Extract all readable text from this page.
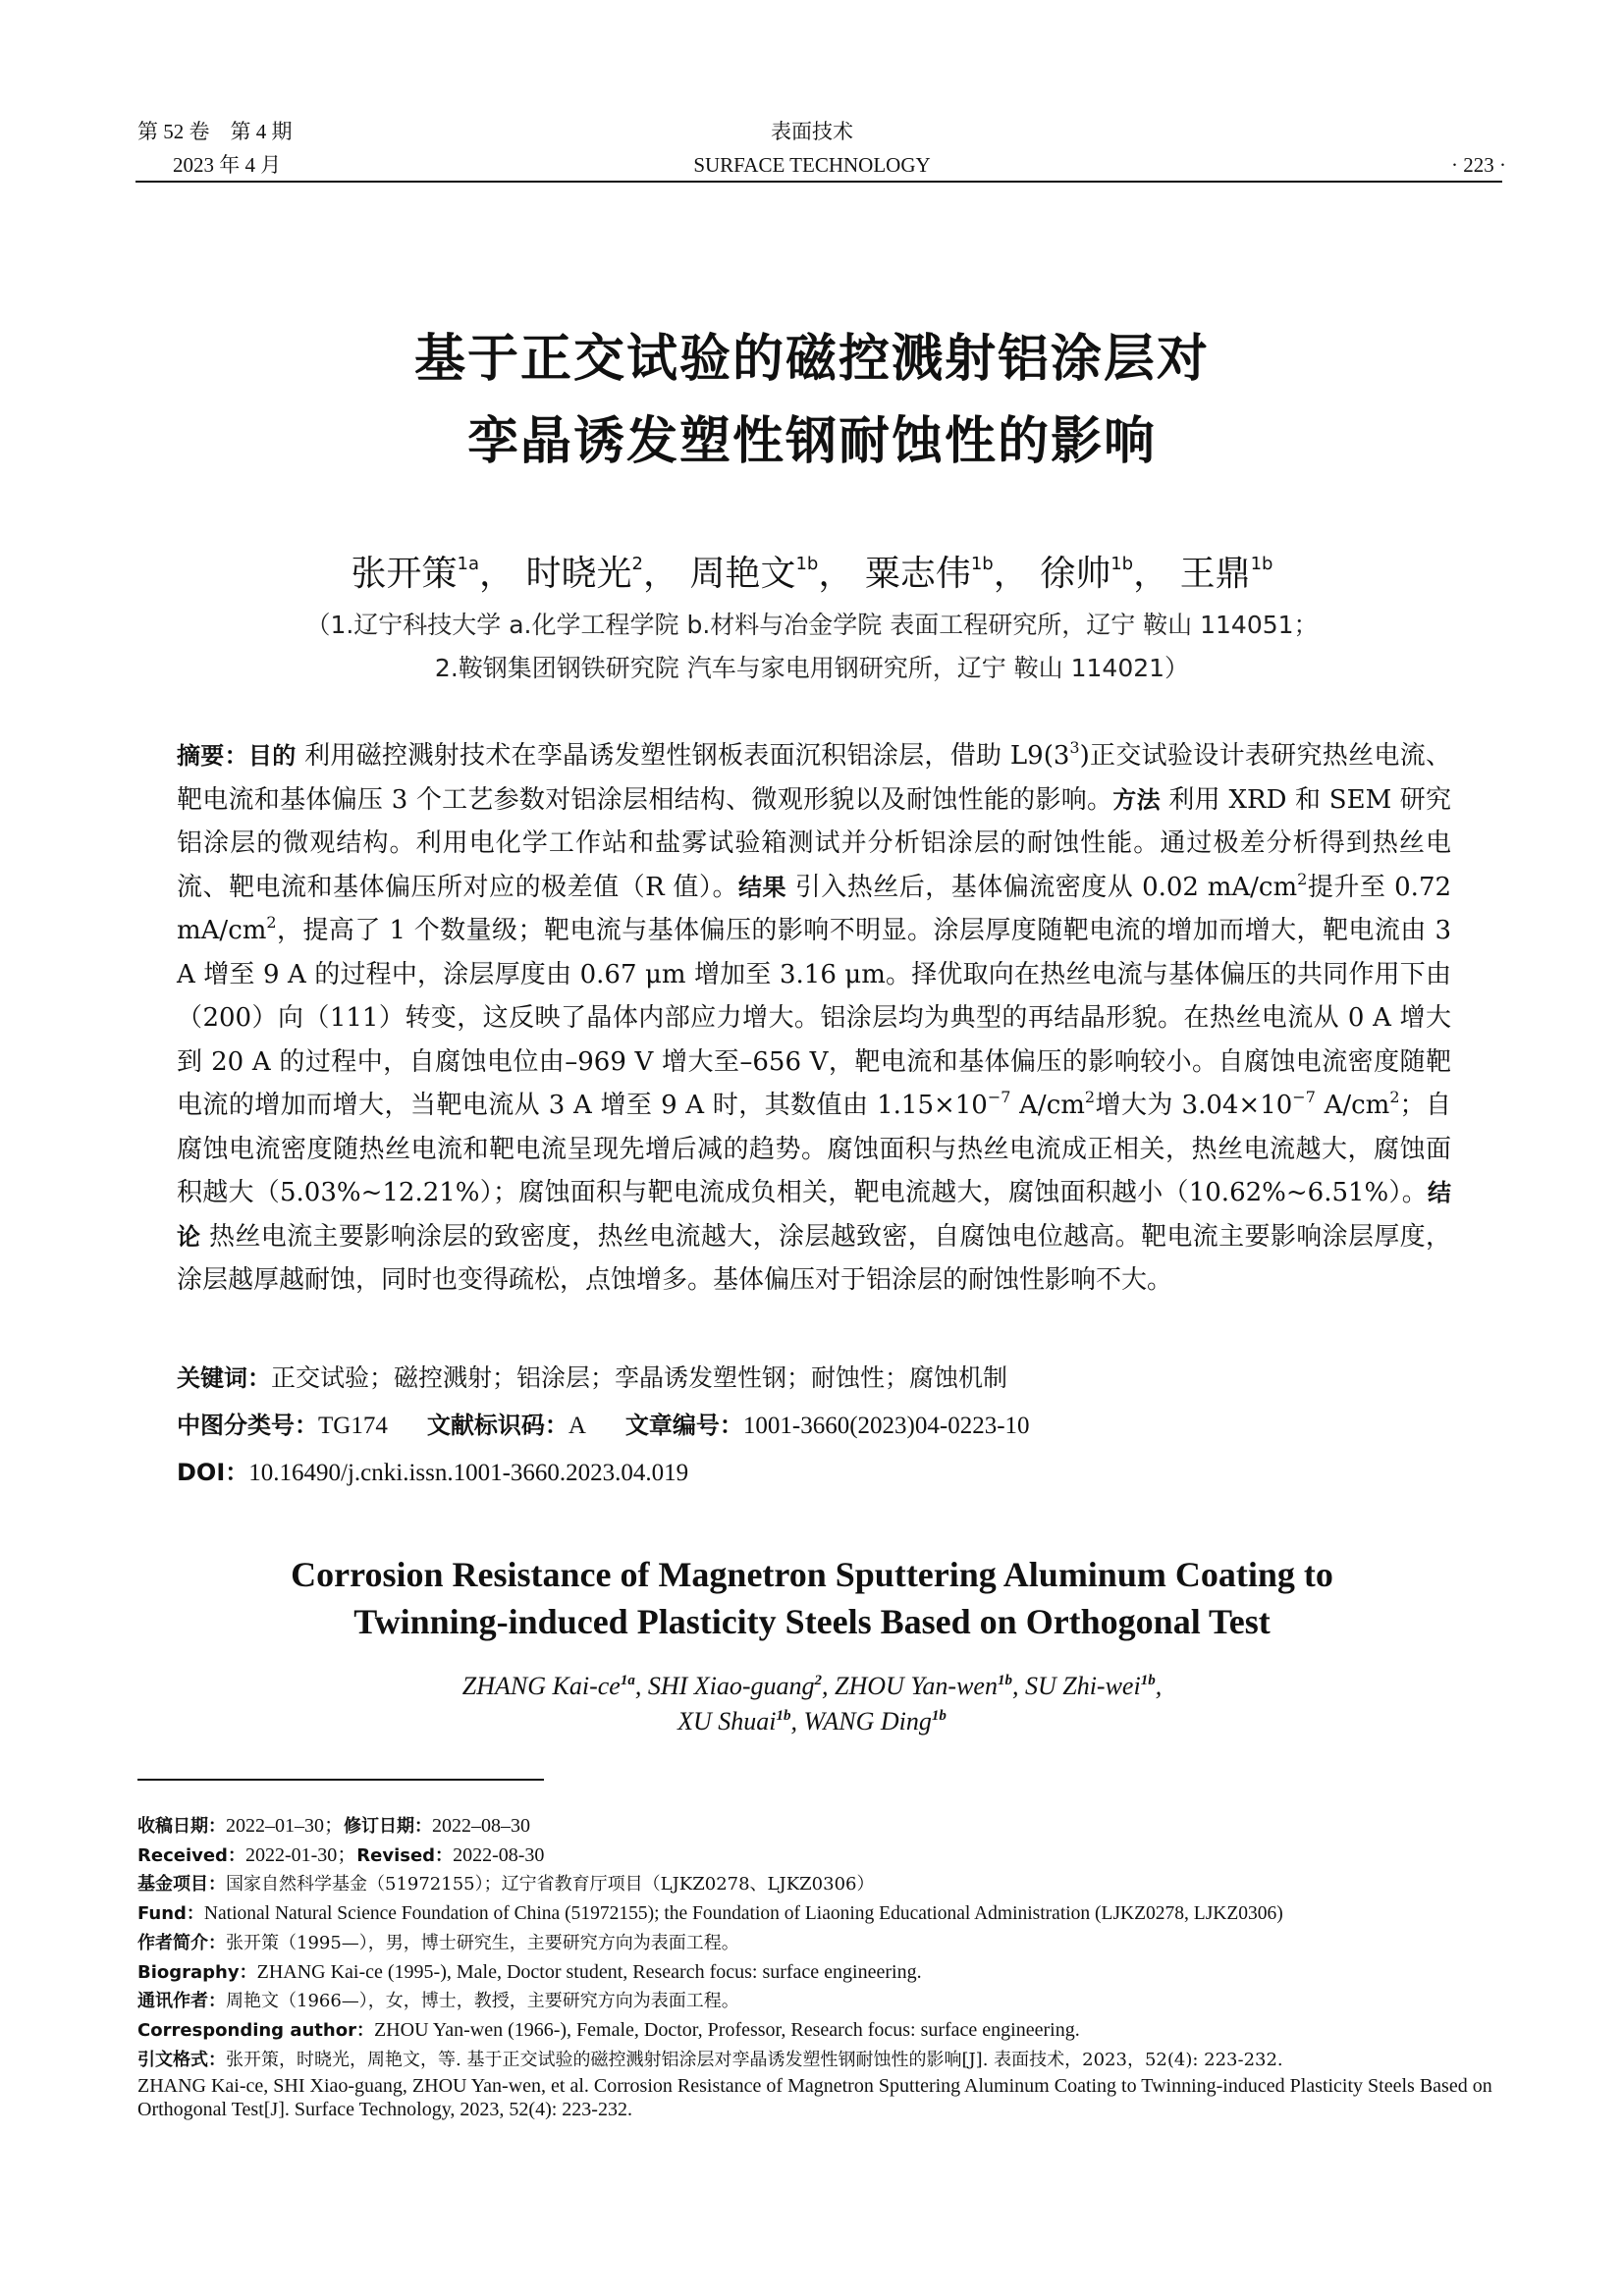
第 52 卷　第 4 期
2023 年 4 月
表面技术
SURFACE TECHNOLOGY	· 223 ·
基于正交试验的磁控溅射铝涂层对
孪晶诱发塑性钢耐蚀性的影响
张开策$^{1a}$， 时晓光$^2$， 周艳文$^{1b}$， 粟志伟$^{1b}$， 徐帅$^{1b}$， 王鼎$^{1b}$
（1.辽宁科技大学 a.化学工程学院 b.材料与冶金学院 表面工程研究所，辽宁 鞍山 114051；
2.鞍钢集团钢铁研究院 汽车与家电用钢研究所，辽宁 鞍山 114021）
摘要：目的 利用磁控溅射技术在孪晶诱发塑性钢板表面沉积铝涂层，借助 $L9(3^3)$正交试验设计表研究热丝电流、靶电流和基体偏压 3 个工艺参数对铝涂层相结构、微观形貌以及耐蚀性能的影响。方法 利用 XRD 和 SEM 研究铝涂层的微观结构。利用电化学工作站和盐雾试验箱测试并分析铝涂层的耐蚀性能。通过极差分析得到热丝电流、靶电流和基体偏压所对应的极差值（R 值）。结果 引入热丝后，基体偏流密度从 0.02 $mA/cm^2$提升至 0.72 $mA/cm^2$，提高了 1 个数量级；靶电流与基体偏压的影响不明显。涂层厚度随靶电流的增加而增大，靶电流由 3 A 增至 9 A 的过程中，涂层厚度由 0.67 μm 增加至 3.16 μm。择优取向在热丝电流与基体偏压的共同作用下由（200）向（111）转变，这反映了晶体内部应力增大。铝涂层均为典型的再结晶形貌。在热丝电流从 0 A 增大到 20 A 的过程中，自腐蚀电位由–969 V 增大至–656 V，靶电流和基体偏压的影响较小。自腐蚀电流密度随靶电流的增加而增大，当靶电流从 3 A 增至 9 A 时，其数值由 $1.15\times 10^{-7}$ $A/cm^2$增大为 $3.04\times 10^{-7}$ $A/cm^2$；自腐蚀电流密度随热丝电流和靶电流呈现先增后减的趋势。腐蚀面积与热丝电流成正相关，热丝电流越大，腐蚀面积越大（5.03%~12.21%）；腐蚀面积与靶电流成负相关，靶电流越大，腐蚀面积越小（10.62%~6.51%）。结论 热丝电流主要影响涂层的致密度，热丝电流越大，涂层越致密，自腐蚀电位越高。靶电流主要影响涂层厚度，涂层越厚越耐蚀，同时也变得疏松，点蚀增多。基体偏压对于铝涂层的耐蚀性影响不大。
关键词：正交试验；磁控溅射；铝涂层；孪晶诱发塑性钢；耐蚀性；腐蚀机制
中图分类号：TG174 文献标识码：A 文章编号：1001-3660(2023)04-0223-10
DOI：10.16490/j.cnki.issn.1001-3660.2023.04.019
Corrosion Resistance of Magnetron Sputtering Aluminum Coating to
Twinning-induced Plasticity Steels Based on Orthogonal Test
ZHANG Kai-$ce^{1a}$, SHI Xiao-guang$^2$, ZHOU Yan-wen$^{1b}$, SU Zhi-wei$^{1b}$,
XU Shuai$^{1b}$, WANG Ding$^{1b}$
收稿日期：2022–01–30；修订日期：2022–08–30
Received：2022-01-30；Revised：2022-08-30
基金项目：国家自然科学基金（51972155）；辽宁省教育厅项目（LJKZ0278、LJKZ0306）
Fund：National Natural Science Foundation of China (51972155); the Foundation of Liaoning Educational Administration (LJKZ0278, LJKZ0306)
作者简介：张开策（1995—），男，博士研究生，主要研究方向为表面工程。
Biography：ZHANG Kai-ce (1995-), Male, Doctor student, Research focus: surface engineering.
通讯作者：周艳文（1966—），女，博士，教授，主要研究方向为表面工程。
Corresponding author：ZHOU Yan-wen (1966-), Female, Doctor, Professor, Research focus: surface engineering.
引文格式：张开策，时晓光，周艳文，等. 基于正交试验的磁控溅射铝涂层对孪晶诱发塑性钢耐蚀性的影响[J]. 表面技术，2023，52(4): 223-232.
ZHANG Kai-ce, SHI Xiao-guang, ZHOU Yan-wen, et al. Corrosion Resistance of Magnetron Sputtering Aluminum Coating to Twinning-induced Plasticity Steels Based on Orthogonal Test[J]. Surface Technology, 2023, 52(4): 223-232.
